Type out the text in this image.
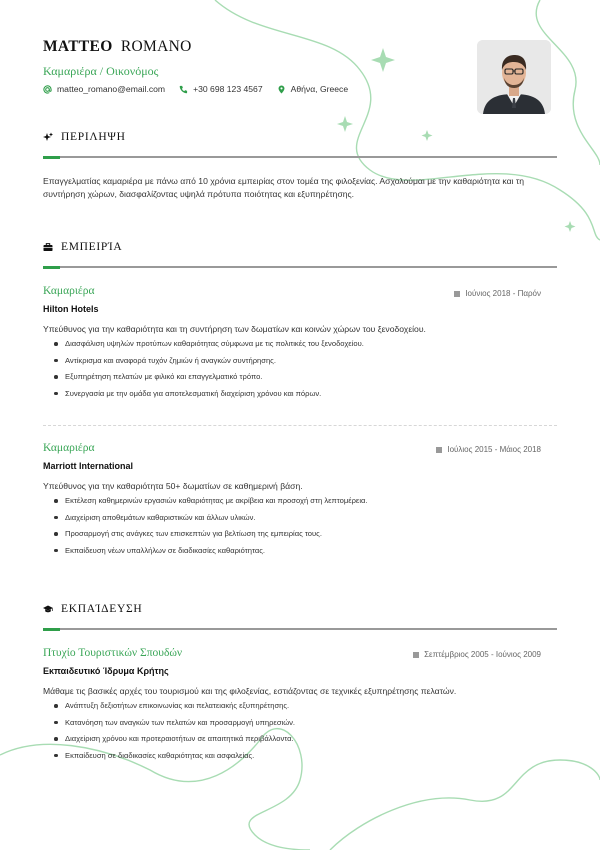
MATTEO ROMANO
Καμαριέρα / Οικονόμος
matteo_romano@email.com	+30 698 123 4567	Αθήνα, Greece
ΠΕΡΙΛΗΨΗ
Επαγγελματίας καμαριέρα με πάνω από 10 χρόνια εμπειρίας στον τομέα της φιλοξενίας. Ασχολούμαι με την καθαριότητα και τη συντήρηση χώρων, διασφαλίζοντας υψηλά πρότυπα ποιότητας και εξυπηρέτησης.
ΕΜΠΕΙΡΊΑ
Καμαριέρα	Ιούνιος 2018 - Παρόν
Hilton Hotels
Υπεύθυνος για την καθαριότητα και τη συντήρηση των δωματίων και κοινών χώρων του ξενοδοχείου.
Διασφάλιση υψηλών προτύπων καθαριότητας σύμφωνα με τις πολιτικές του ξενοδοχείου.
Αντίκρισμα και αναφορά τυχόν ζημιών ή αναγκών συντήρησης.
Εξυπηρέτηση πελατών με φιλικό και επαγγελματικό τρόπο.
Συνεργασία με την ομάδα για αποτελεσματική διαχείριση χρόνου και πόρων.
Καμαριέρα	Ιούλιος 2015 - Μάιος 2018
Marriott International
Υπεύθυνος για την καθαριότητα 50+ δωματίων σε καθημερινή βάση.
Εκτέλεση καθημερινών εργασιών καθαριότητας με ακρίβεια και προσοχή στη λεπτομέρεια.
Διαχείριση αποθεμάτων καθαριστικών και άλλων υλικών.
Προσαρμογή στις ανάγκες των επισκεπτών για βελτίωση της εμπειρίας τους.
Εκπαίδευση νέων υπαλλήλων σε διαδικασίες καθαριότητας.
ΕΚΠΑΊΔΕΥΣΗ
Πτυχίο Τουριστικών Σπουδών	Σεπτέμβριος 2005 - Ιούνιος 2009
Εκπαιδευτικό Ίδρυμα Κρήτης
Μάθαμε τις βασικές αρχές του τουρισμού και της φιλοξενίας, εστιάζοντας σε τεχνικές εξυπηρέτησης πελατών.
Ανάπτυξη δεξιοτήτων επικοινωνίας και πελατειακής εξυπηρέτησης.
Κατανόηση των αναγκών των πελατών και προσαρμογή υπηρεσιών.
Διαχείριση χρόνου και προτεραιοτήτων σε απαιτητικά περιβάλλοντα.
Εκπαίδευση σε διαδικασίες καθαριότητας και ασφαλείας.
